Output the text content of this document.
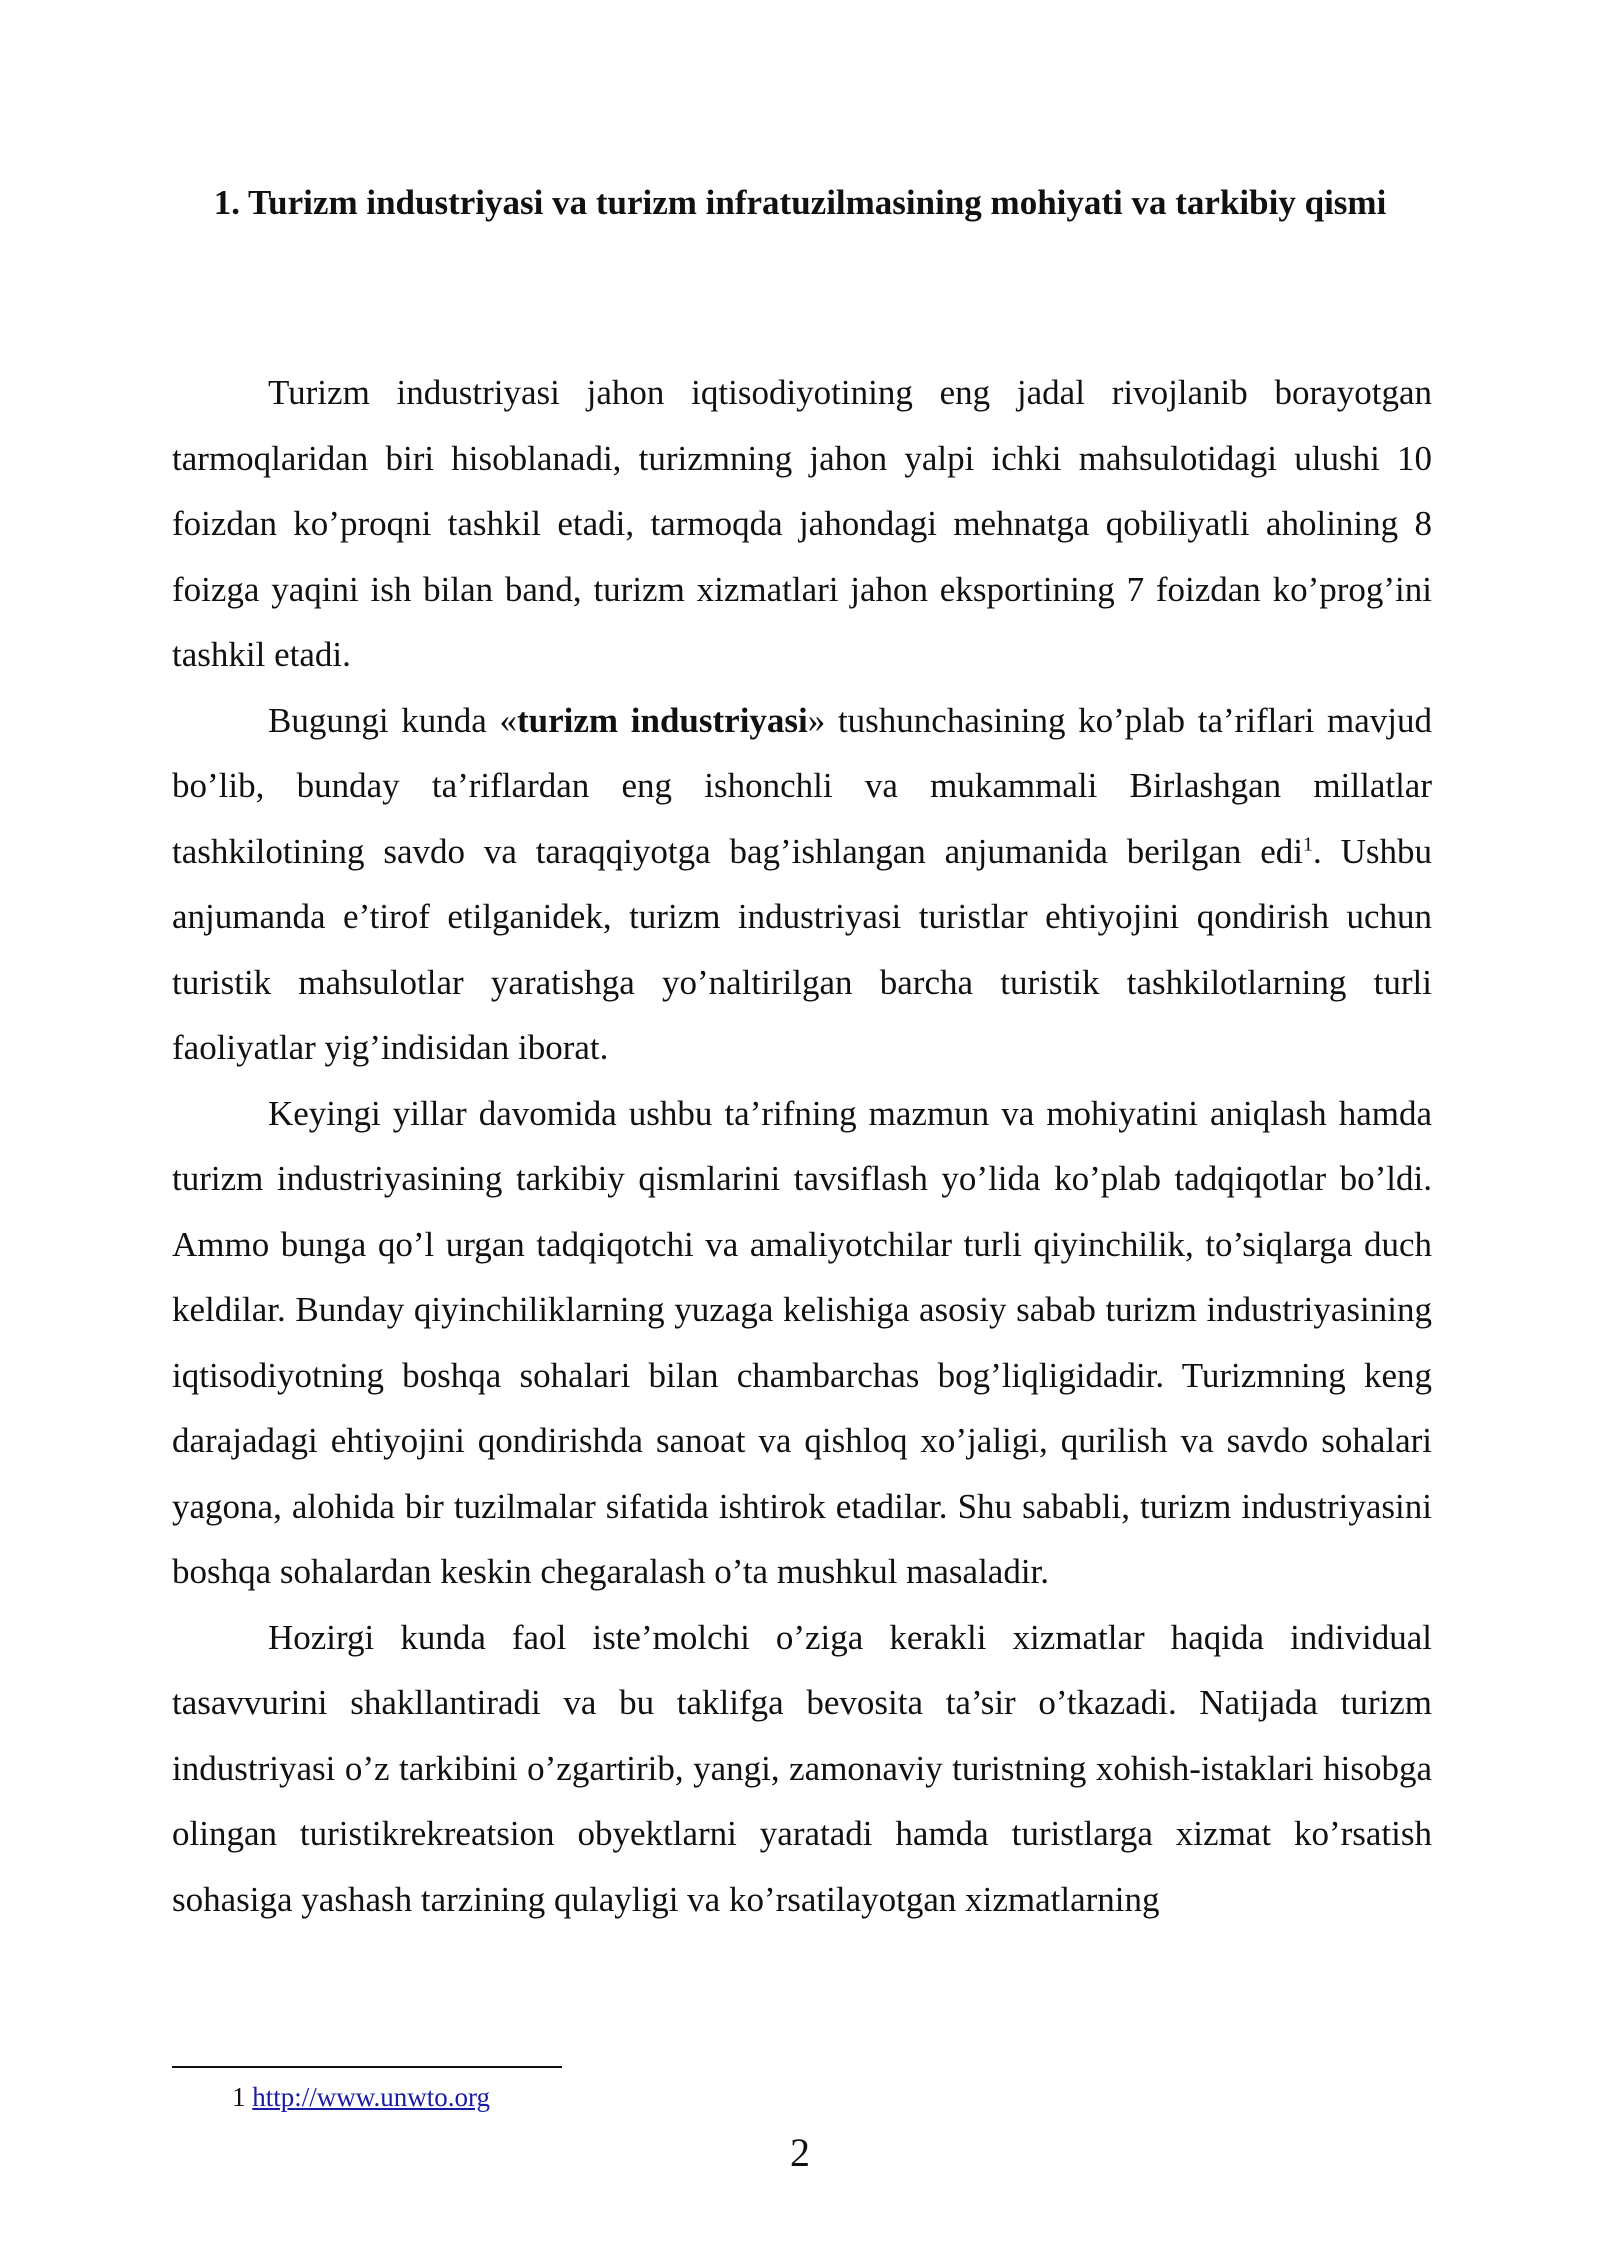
1. Turizm industriyasi va turizm infratuzilmasining mohiyati va tarkibiy qismi

Turizm industriyasi jahon iqtisodiyotining eng jadal rivojlanib borayotgan tarmoqlaridan biri hisoblanadi, turizmning jahon yalpi ichki mahsulotidagi ulushi 10 foizdan ko’proqni tashkil etadi, tarmoqda jahondagi mehnatga qobiliyatli aholining 8 foizga yaqini ish bilan band, turizm xizmatlari jahon eksportining 7 foizdan ko’prog’ini tashkil etadi.

Bugungi kunda «turizm industriyasi» tushunchasining ko’plab ta’riflari mavjud bo’lib, bunday ta’riflardan eng ishonchli va mukammali Birlashgan millatlar tashkilotining savdo va taraqqiyotga bag’ishlangan anjumanida berilgan edi$^1$. Ushbu anjumanda e’tirof etilganidek, turizm industriyasi turistlar ehtiyojini qondirish uchun turistik mahsulotlar yaratishga yo’naltirilgan barcha turistik tashkilotlarning turli faoliyatlar yig’indisidan iborat.

Keyingi yillar davomida ushbu ta’rifning mazmun va mohiyatini aniqlash hamda turizm industriyasining tarkibiy qismlarini tavsiflash yo’lida ko’plab tadqiqotlar bo’ldi. Ammo bunga qo’l urgan tadqiqotchi va amaliyotchilar turli qiyinchilik, to’siqlarga duch keldilar. Bunday qiyinchiliklarning yuzaga kelishiga asosiy sabab turizm industriyasining iqtisodiyotning boshqa sohalari bilan chambarchas bog’liqligidadir. Turizmning keng darajadagi ehtiyojini qondirishda sanoat va qishloq xo’jaligi, qurilish va savdo sohalari yagona, alohida bir tuzilmalar sifatida ishtirok etadilar. Shu sababli, turizm industriyasini boshqa sohalardan keskin chegaralash o’ta mushkul masaladir.

Hozirgi kunda faol iste’molchi o’ziga kerakli xizmatlar haqida individual tasavvurini shakllantiradi va bu taklifga bevosita ta’sir o’tkazadi. Natijada turizm industriyasi o’z tarkibini o’zgartirib, yangi, zamonaviy turistning xohish-istaklari hisobga olingan turistikrekreatsion obyektlarni yaratadi hamda turistlarga xizmat ko’rsatish sohasiga yashash tarzining qulayligi va ko’rsatilayotgan xizmatlarning

1 http://www.unwto.org
2
